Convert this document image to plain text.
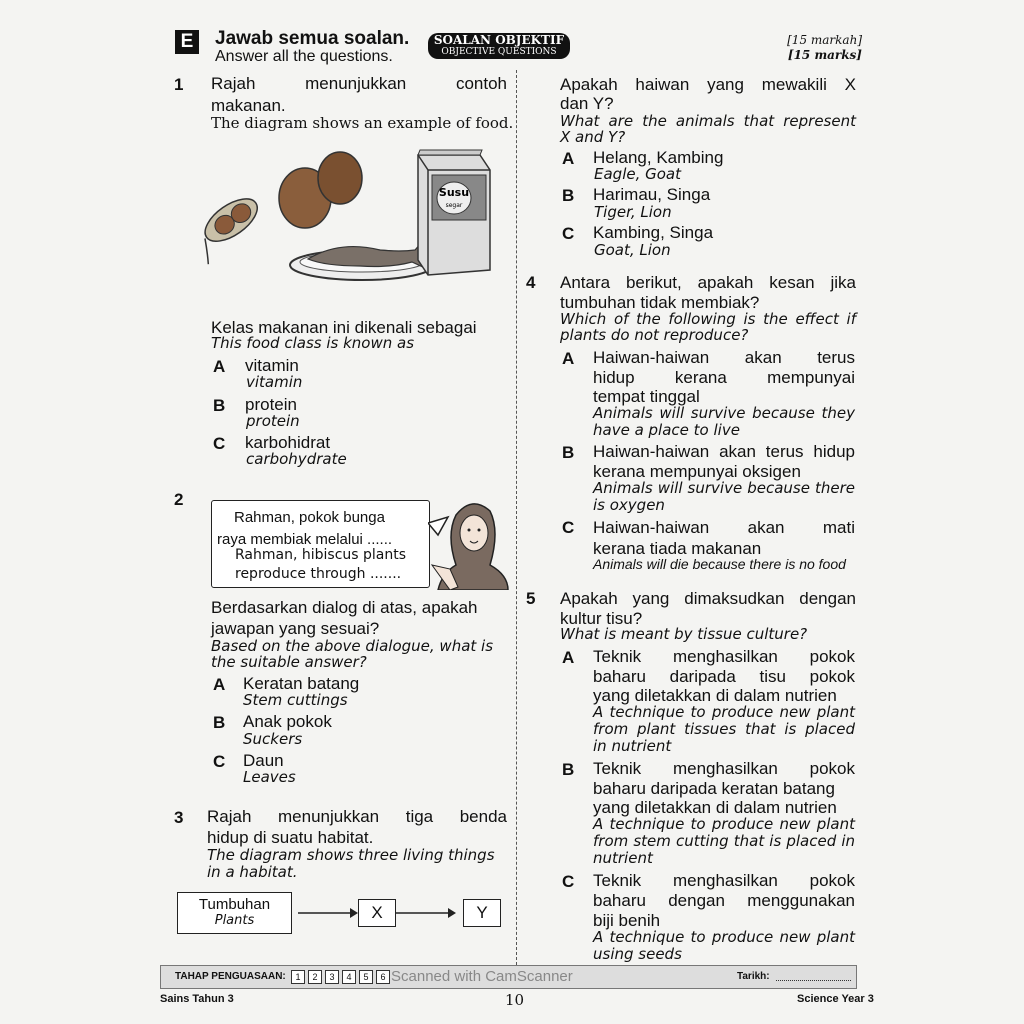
E Jawab semua soalan.
Answer all the questions.
SOALAN OBJEKTIF
OBJECTIVE QUESTIONS
[15 markah]
[15 marks]
1 Rajah menunjukkan contoh
makanan.
The diagram shows an example of food.
Susu
segar
Kelas makanan ini dikenali sebagai
This food class is known as
A vitamin
vitamin
B protein
protein
C karbohidrat
carbohydrate
2
Rahman, pokok bunga
raya membiak melalui ......
Rahman, hibiscus plants
reproduce through .......
Berdasarkan dialog di atas, apakah
jawapan yang sesuai?
Based on the above dialogue, what is
the suitable answer?
A Keratan batang
Stem cuttings
B Anak pokok
Suckers
C Daun
Leaves
3 Rajah menunjukkan tiga benda
hidup di suatu habitat.
The diagram shows three living things
in a habitat.
Tumbuhan
Plants	X	Y
Apakah haiwan yang mewakili X
dan Y?
What are the animals that represent
X and Y?
A Helang, Kambing
Eagle, Goat
B Harimau, Singa
Tiger, Lion
C Kambing, Singa
Goat, Lion
4 Antara berikut, apakah kesan jika
tumbuhan tidak membiak?
Which of the following is the effect if
plants do not reproduce?
A Haiwan-haiwan akan terus
hidup kerana mempunyai
tempat tinggal
Animals will survive because they
have a place to live
B Haiwan-haiwan akan terus hidup
kerana mempunyai oksigen
Animals will survive because there
is oxygen
C Haiwan-haiwan akan mati
kerana tiada makanan
Animals will die because there is no food
5 Apakah yang dimaksudkan dengan
kultur tisu?
What is meant by tissue culture?
A Teknik menghasilkan pokok
baharu daripada tisu pokok
yang diletakkan di dalam nutrien
A technique to produce new plant
from plant tissues that is placed
in nutrient
B Teknik menghasilkan pokok
baharu daripada keratan batang
yang diletakkan di dalam nutrien
A technique to produce new plant
from stem cutting that is placed in
nutrient
C Teknik menghasilkan pokok
baharu dengan menggunakan
biji benih
A technique to produce new plant
using seeds
TAHAP PENGUASAAN:	1	2	3	4	5	6 Scanned with CamScanner	Tarikh:
Sains Tahun 3	10	Science Year 3
